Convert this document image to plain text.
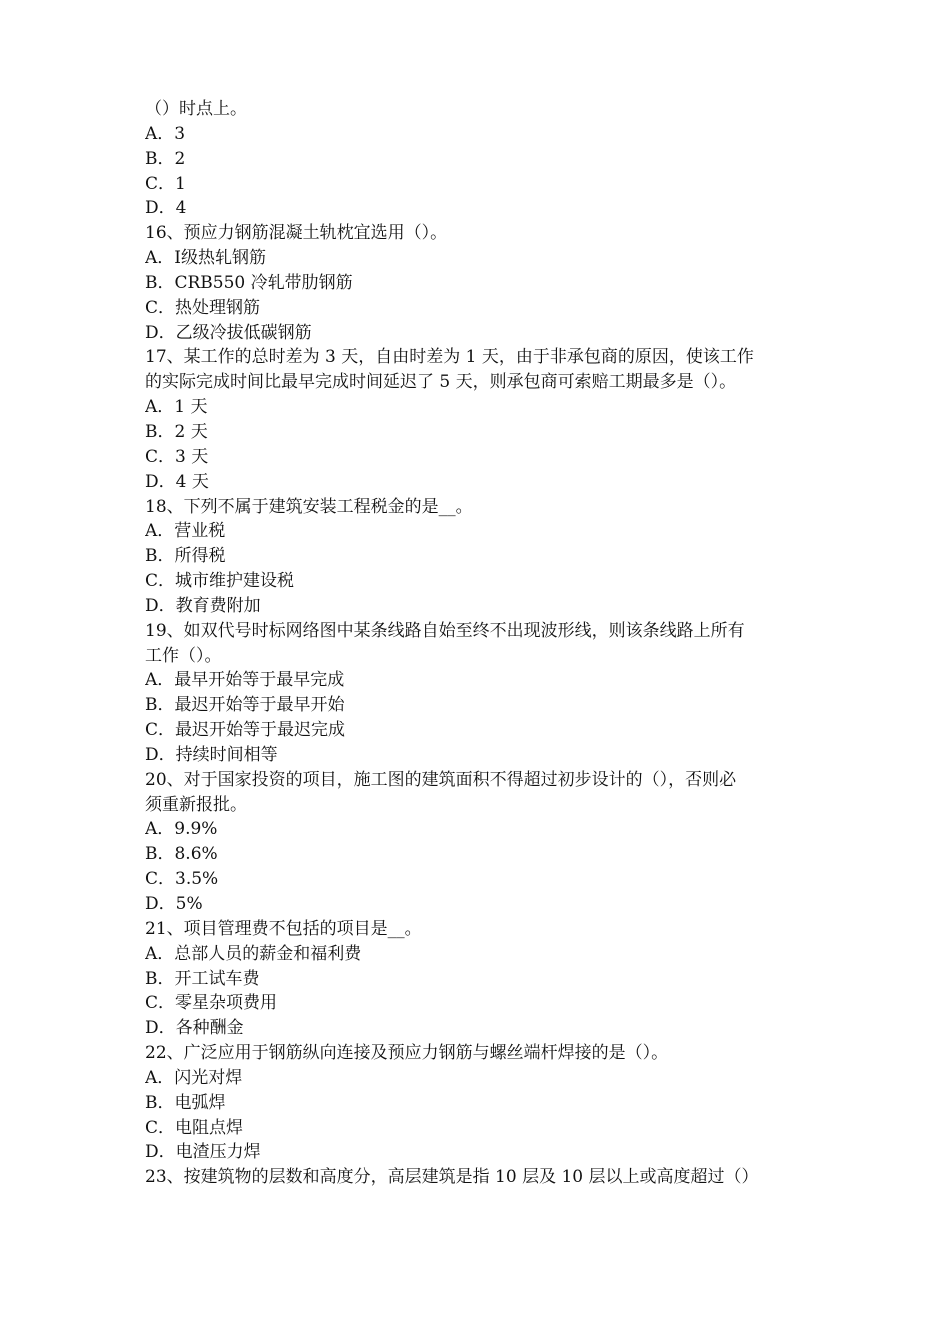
（）时点上。
A．3
B．2
C．1
D．4
16、预应力钢筋混凝土轨枕宜选用（）。
A．Ⅰ级热轧钢筋
B．CRB550 冷轧带肋钢筋
C．热处理钢筋
D．乙级冷拔低碳钢筋
17、某工作的总时差为 3 天，自由时差为 1 天，由于非承包商的原因，使该工作
的实际完成时间比最早完成时间延迟了 5 天，则承包商可索赔工期最多是（）。
A．1 天
B．2 天
C．3 天
D．4 天
18、下列不属于建筑安装工程税金的是__。
A．营业税
B．所得税
C．城市维护建设税
D．教育费附加
19、如双代号时标网络图中某条线路自始至终不出现波形线，则该条线路上所有
工作（）。
A．最早开始等于最早完成
B．最迟开始等于最早开始
C．最迟开始等于最迟完成
D．持续时间相等
20、对于国家投资的项目，施工图的建筑面积不得超过初步设计的（），否则必
须重新报批。
A．9.9%
B．8.6%
C．3.5%
D．5%
21、项目管理费不包括的项目是__。
A．总部人员的薪金和福利费
B．开工试车费
C．零星杂项费用
D．各种酬金
22、广泛应用于钢筋纵向连接及预应力钢筋与螺丝端杆焊接的是（）。
A．闪光对焊
B．电弧焊
C．电阻点焊
D．电渣压力焊
23、按建筑物的层数和高度分，高层建筑是指 10 层及 10 层以上或高度超过（）
